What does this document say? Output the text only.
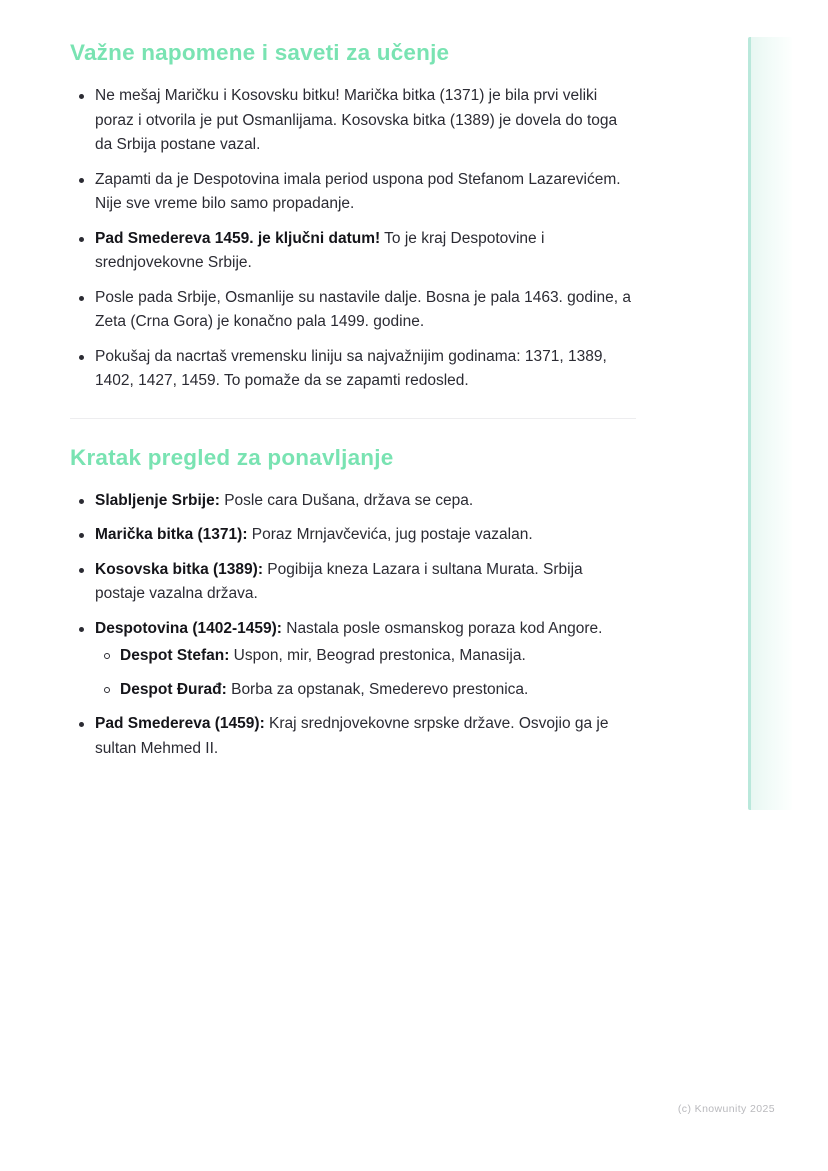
Važne napomene i saveti za učenje
Ne mešaj Maričku i Kosovsku bitku! Marička bitka (1371) je bila prvi veliki poraz i otvorila je put Osmanlijama. Kosovska bitka (1389) je dovela do toga da Srbija postane vazal.
Zapamti da je Despotovina imala period uspona pod Stefanom Lazarevićem. Nije sve vreme bilo samo propadanje.
Pad Smedereva 1459. je ključni datum! To je kraj Despotovine i srednjovekovne Srbije.
Posle pada Srbije, Osmanlije su nastavile dalje. Bosna je pala 1463. godine, a Zeta (Crna Gora) je konačno pala 1499. godine.
Pokušaj da nacrtaš vremensku liniju sa najvažnijim godinama: 1371, 1389, 1402, 1427, 1459. To pomaže da se zapamti redosled.
Kratak pregled za ponavljanje
Slabljenje Srbije: Posle cara Dušana, država se cepa.
Marička bitka (1371): Poraz Mrnjavčevića, jug postaje vazalan.
Kosovska bitka (1389): Pogibija kneza Lazara i sultana Murata. Srbija postaje vazalna država.
Despotovina (1402-1459): Nastala posle osmanskog poraza kod Angore.
Despot Stefan: Uspon, mir, Beograd prestonica, Manasija.
Despot Đurađ: Borba za opstanak, Smederevo prestonica.
Pad Smedereva (1459): Kraj srednjovekovne srpske države. Osvojio ga je sultan Mehmed II.
(c) Knowunity 2025
